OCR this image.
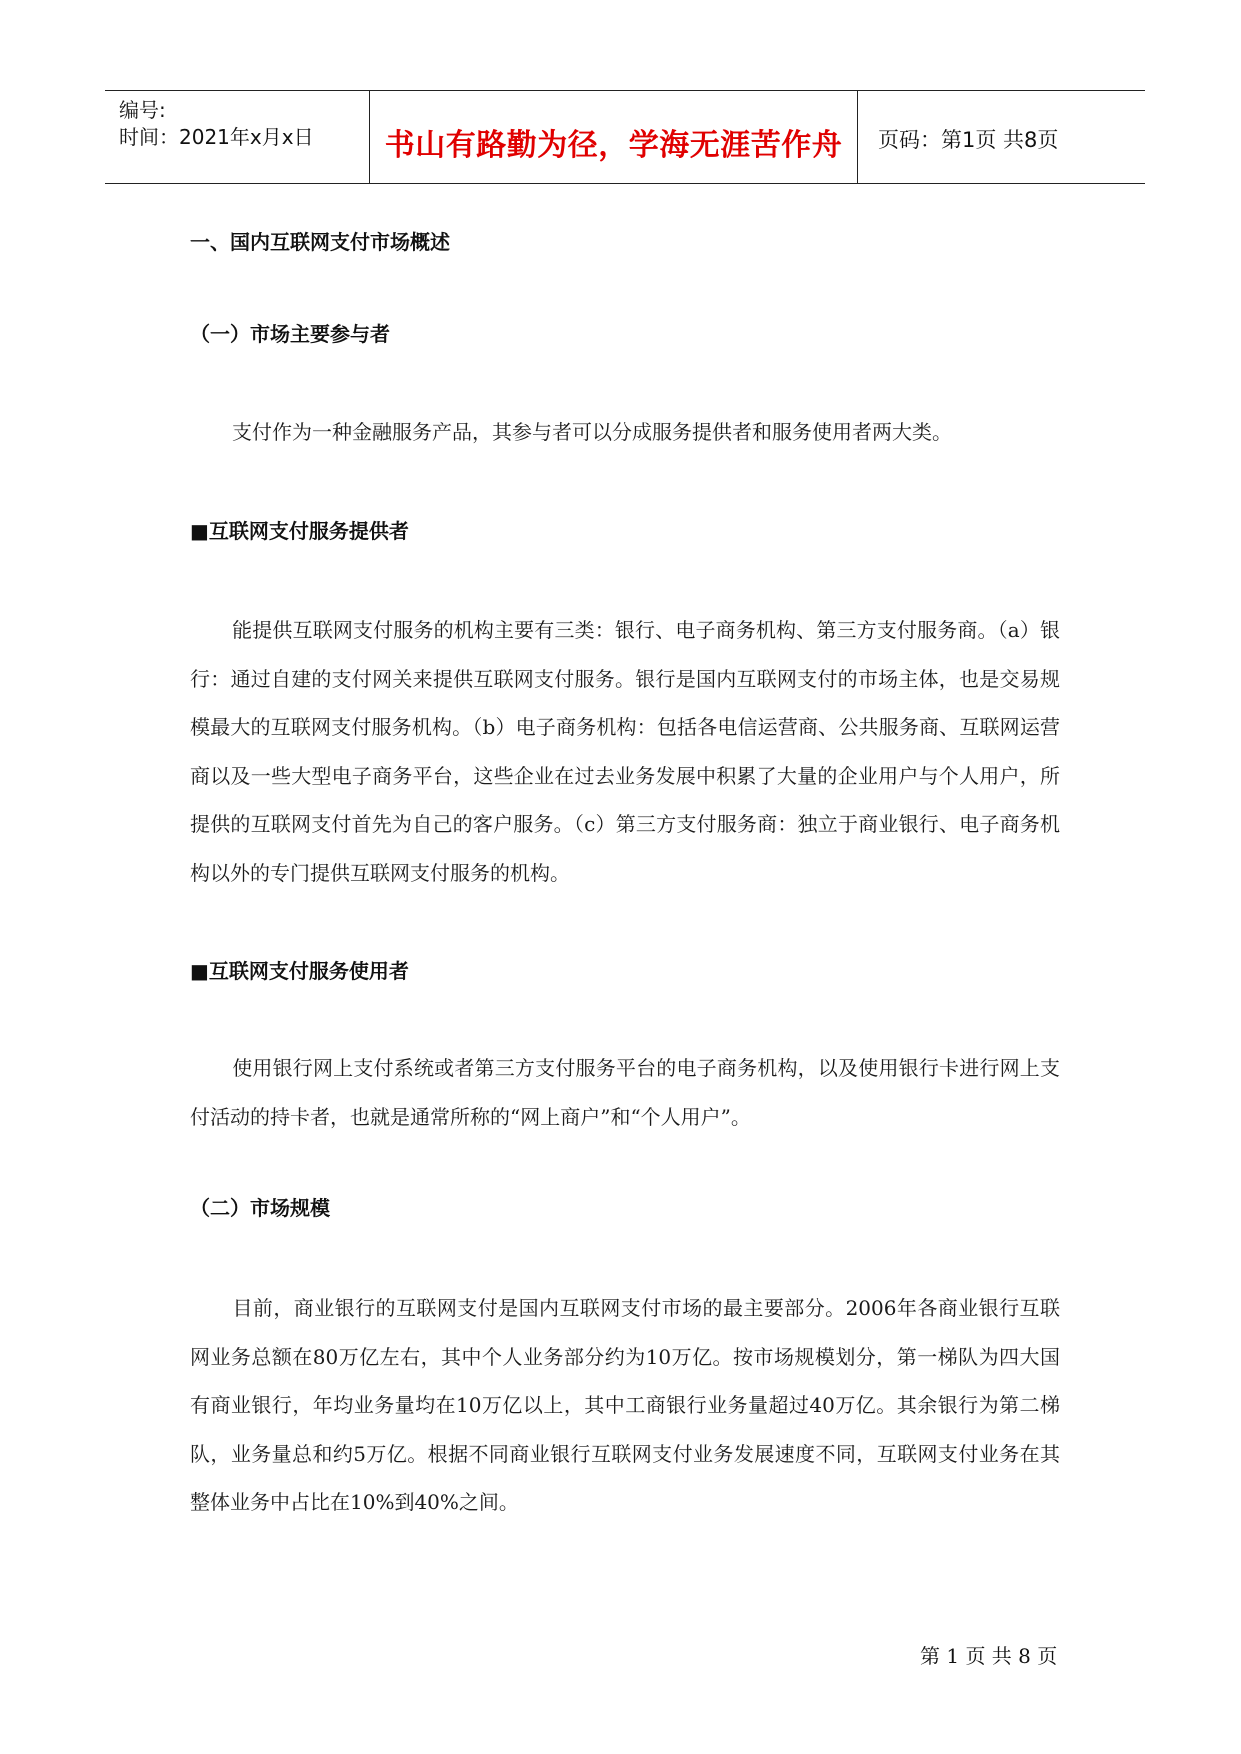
编号:
时间：2021年x月x日	书山有路勤为径，学海无涯苦作舟	页码：第1页 共8页
一、国内互联网支付市场概述
（一）市场主要参与者
支付作为一种金融服务产品，其参与者可以分成服务提供者和服务使用者两大类。
■互联网支付服务提供者
能提供互联网支付服务的机构主要有三类：银行、电子商务机构、第三方支付服务商。（a）银行：通过自建的支付网关来提供互联网支付服务。银行是国内互联网支付的市场主体，也是交易规模最大的互联网支付服务机构。（b）电子商务机构：包括各电信运营商、公共服务商、互联网运营商以及一些大型电子商务平台，这些企业在过去业务发展中积累了大量的企业用户与个人用户，所提供的互联网支付首先为自己的客户服务。（c）第三方支付服务商：独立于商业银行、电子商务机构以外的专门提供互联网支付服务的机构。
■互联网支付服务使用者
使用银行网上支付系统或者第三方支付服务平台的电子商务机构，以及使用银行卡进行网上支付活动的持卡者，也就是通常所称的“网上商户”和“个人用户”。
（二）市场规模
目前，商业银行的互联网支付是国内互联网支付市场的最主要部分。2006年各商业银行互联网业务总额在80万亿左右，其中个人业务部分约为10万亿。按市场规模划分，第一梯队为四大国有商业银行，年均业务量均在10万亿以上，其中工商银行业务量超过40万亿。其余银行为第二梯队，业务量总和约5万亿。根据不同商业银行互联网支付业务发展速度不同，互联网支付业务在其整体业务中占比在10%到40%之间。
第 1 页 共 8 页
